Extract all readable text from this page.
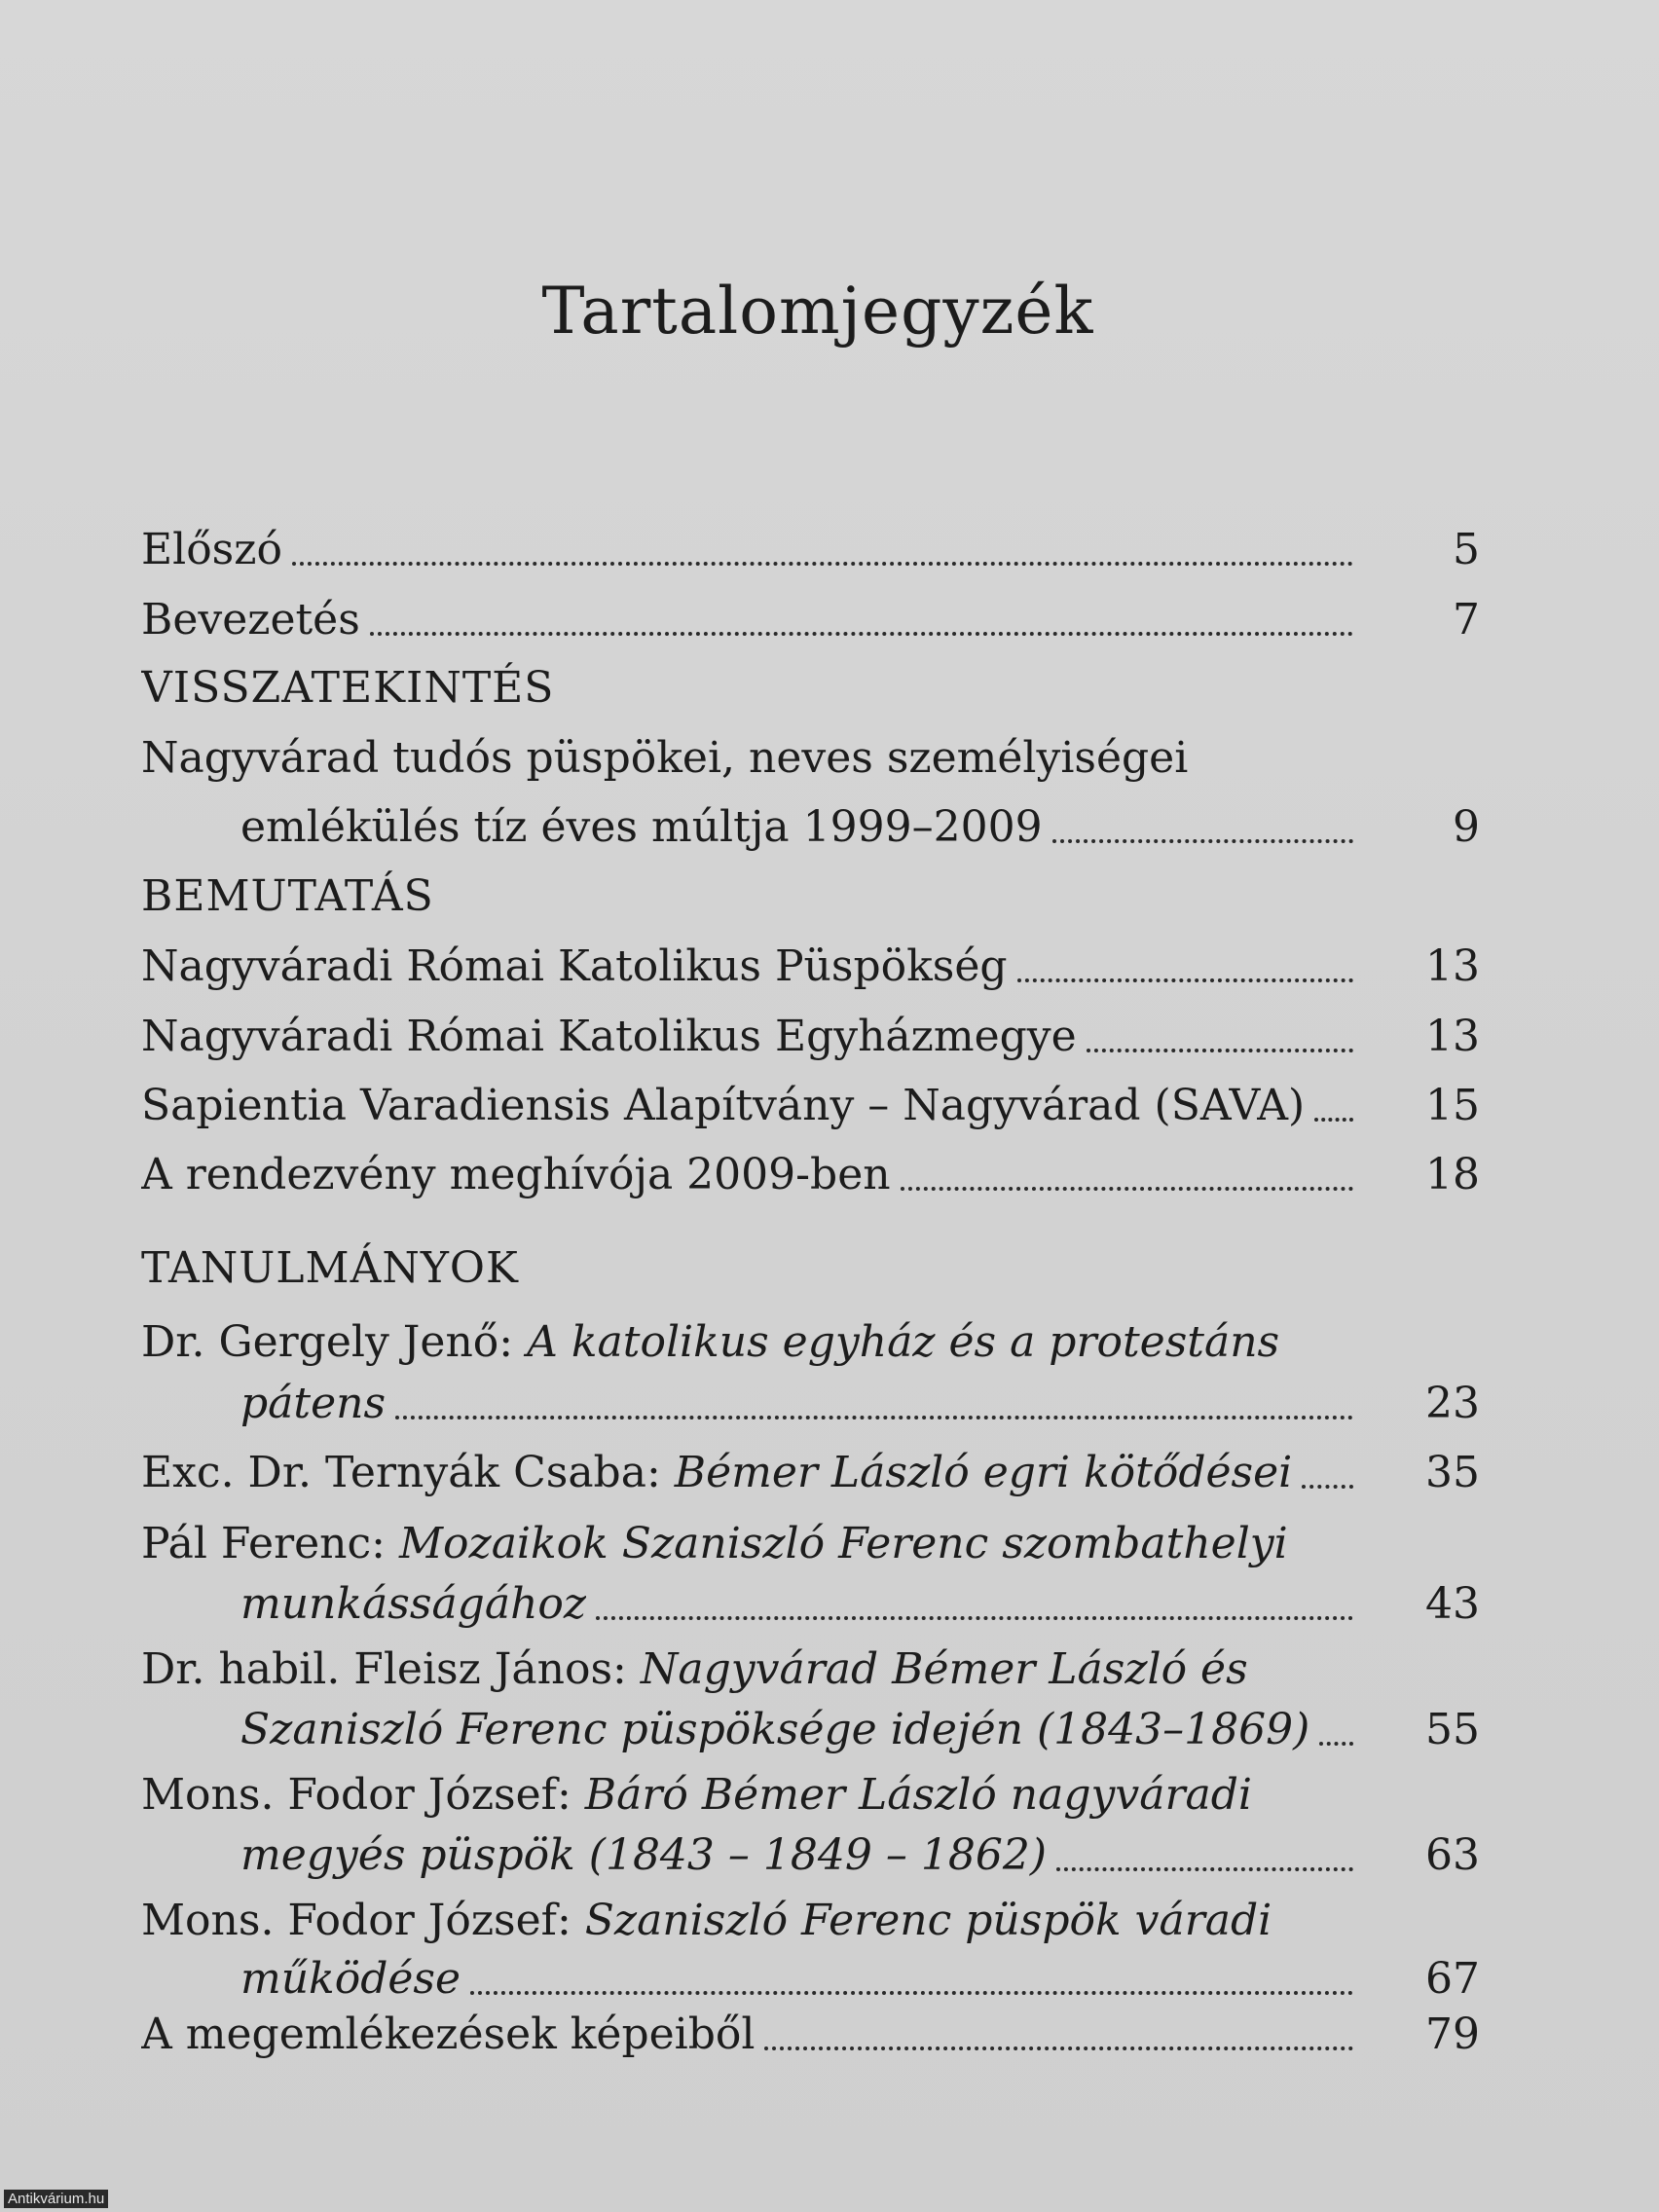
Tartalomjegyzék
Előszó	5
Bevezetés	7
VISSZATEKINTÉS
Nagyvárad tudós püspökei, neves személyiségei
emlékülés tíz éves múltja 1999–2009	9
BEMUTATÁS
Nagyváradi Római Katolikus Püspökség	13
Nagyváradi Római Katolikus Egyházmegye	13
Sapientia Varadiensis Alapítvány – Nagyvárad (SAVA)	15
A rendezvény meghívója 2009-ben	18
TANULMÁNYOK
Dr. Gergely Jenő: A katolikus egyház és a protestáns
pátens	23
Exc. Dr. Ternyák Csaba: Bémer László egri kötődései	35
Pál Ferenc: Mozaikok Szaniszló Ferenc szombathelyi
munkásságához	43
Dr. habil. Fleisz János: Nagyvárad Bémer László és
Szaniszló Ferenc püspöksége idején (1843–1869)	55
Mons. Fodor József: Báró Bémer László nagyváradi
megyés püspök (1843 – 1849 – 1862)	63
Mons. Fodor József: Szaniszló Ferenc püspök váradi
működése	67
A megemlékezések képeiből	79
Antikvárium.hu
